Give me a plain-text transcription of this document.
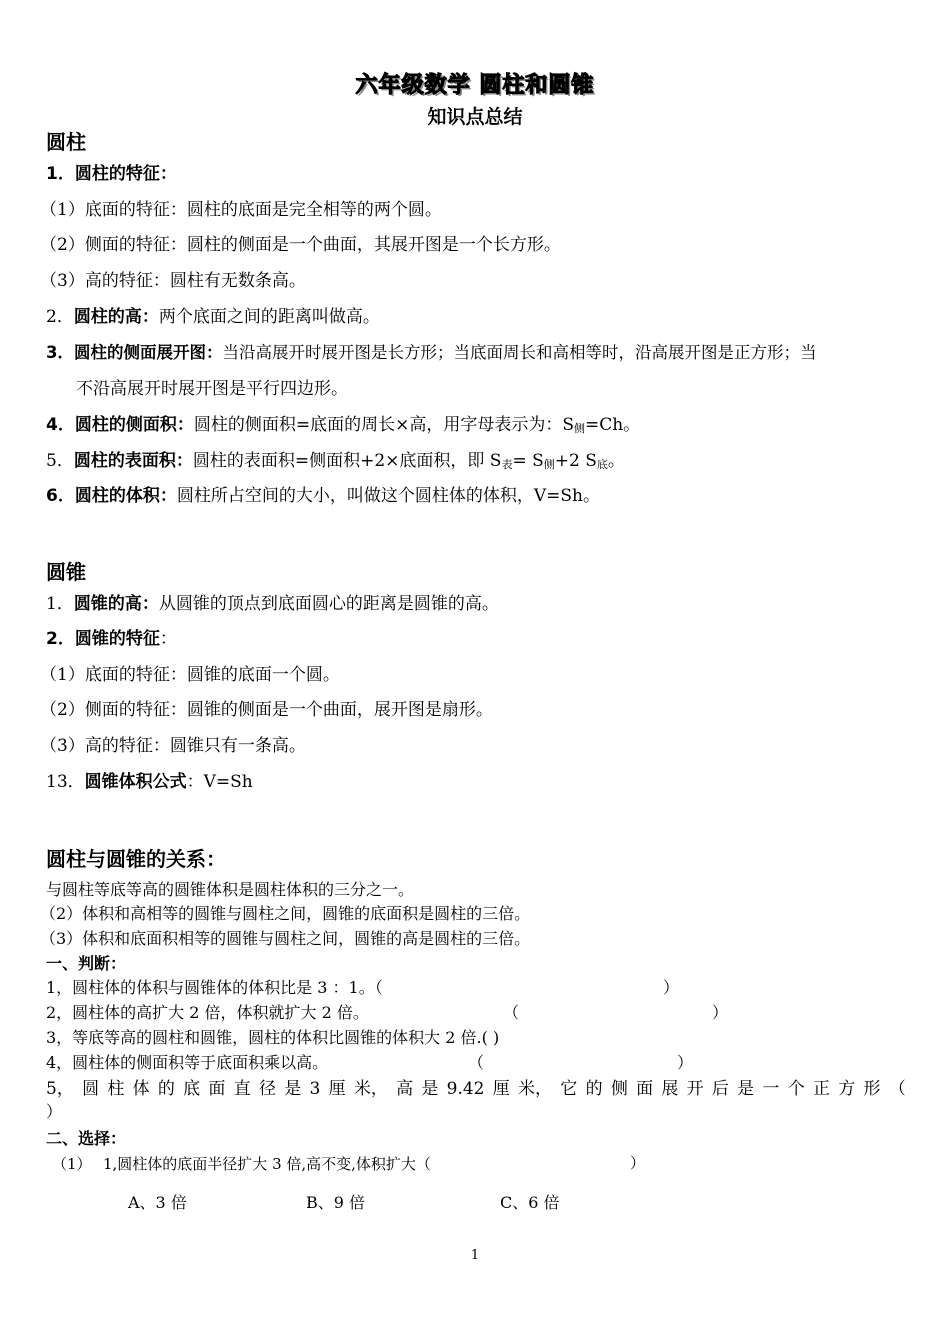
六年级数学 圆柱和圆锥
知识点总结
圆柱
1．圆柱的特征：
（1）底面的特征：圆柱的底面是完全相等的两个圆。
（2）侧面的特征：圆柱的侧面是一个曲面，其展开图是一个长方形。
（3）高的特征：圆柱有无数条高。
2．圆柱的高：两个底面之间的距离叫做高。
3．圆柱的侧面展开图：当沿高展开时展开图是长方形；当底面周长和高相等时，沿高展开图是正方形；当
不沿高展开时展开图是平行四边形。
4．圆柱的侧面积：圆柱的侧面积=底面的周长×高，用字母表示为：S侧=Ch。
5．圆柱的表面积：圆柱的表面积=侧面积+2×底面积，即 S表= S侧+2 S底。
6．圆柱的体积：圆柱所占空间的大小，叫做这个圆柱体的体积，V=Sh。
圆锥
1．圆锥的高：从圆锥的顶点到底面圆心的距离是圆锥的高。
2．圆锥的特征：
（1）底面的特征：圆锥的底面一个圆。
（2）侧面的特征：圆锥的侧面是一个曲面，展开图是扇形。
（3）高的特征：圆锥只有一条高。
13．圆锥体积公式：V=Sh
圆柱与圆锥的关系：
与圆柱等底等高的圆锥体积是圆柱体积的三分之一。
（2）体积和高相等的圆锥与圆柱之间，圆锥的底面积是圆柱的三倍。
（3）体积和底面积相等的圆锥与圆柱之间，圆锥的高是圆柱的三倍。
一、判断：
1，圆柱体的体积与圆锥体的体积比是 3 ：1。（	）
2，圆柱体的高扩大 2 倍，体积就扩大 2 倍。	（	）
3，等底等高的圆柱和圆锥，圆柱的体积比圆锥的体积大 2 倍.( )
4，圆柱体的侧面积等于底面积乘以高。	（	）
5， 圆 柱 体 的 底 面 直 径 是 3 厘 米， 高 是 9.42 厘 米， 它 的 侧 面 展 开 后 是 一 个 正 方 形 （
）
二、选择：
（1） 1,圆柱体的底面半径扩大 3 倍,高不变,体积扩大（	）
A、3 倍	B、9 倍	C、6 倍
1
